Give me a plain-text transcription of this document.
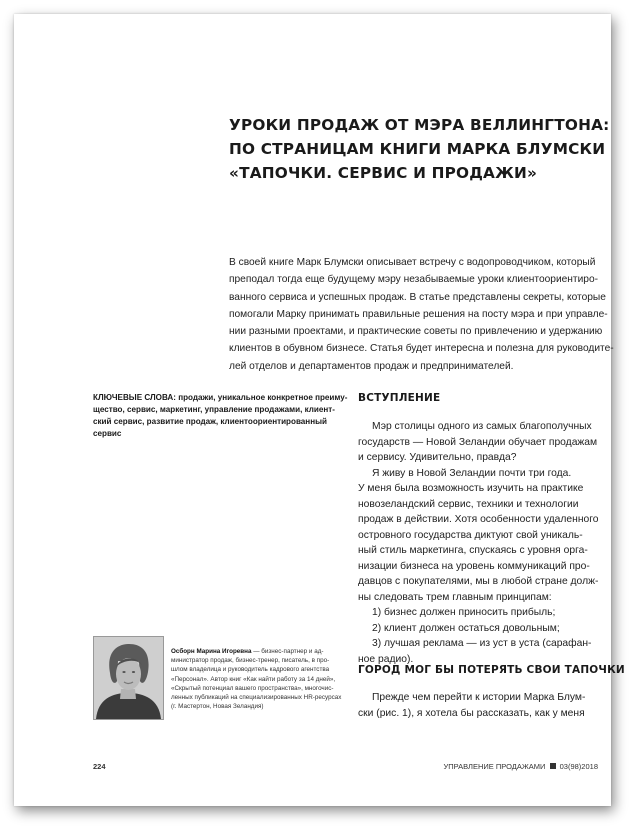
УРОКИ ПРОДАЖ ОТ МЭРА ВЕЛЛИНГТОНА:
ПО СТРАНИЦАМ КНИГИ МАРКА БЛУМСКИ
«ТАПОЧКИ. СЕРВИС И ПРОДАЖИ»
В своей книге Марк Блумски описывает встречу с водопроводчиком, который
преподал тогда еще будущему мэру незабываемые уроки клиентоориентиро-
ванного сервиса и успешных продаж. В статье представлены секреты, которые
помогали Марку принимать правильные решения на посту мэра и при управле-
нии разными проектами, и практические советы по привлечению и удержанию
клиентов в обувном бизнесе. Статья будет интересна и полезна для руководите-
лей отделов и департаментов продаж и предпринимателей.
КЛЮЧЕВЫЕ СЛОВА: продажи, уникальное конкретное преиму-
щество, сервис, маркетинг, управление продажами, клиент-
ский сервис, развитие продаж, клиентоориентированный
сервис
ВСТУПЛЕНИЕ
Мэр столицы одного из самых благополучных
государств — Новой Зеландии обучает продажам
и сервису. Удивительно, правда?
Я живу в Новой Зеландии почти три года.
У меня была возможность изучить на практике
новозеландский сервис, техники и технологии
продаж в действии. Хотя особенности удаленного
островного государства диктуют свой уникаль-
ный стиль маркетинга, спускаясь с уровня орга-
низации бизнеса на уровень коммуникаций про-
давцов с покупателями, мы в любой стране долж-
ны следовать трем главным принципам:
1) бизнес должен приносить прибыль;
2) клиент должен остаться довольным;
3) лучшая реклама — из уст в уста (сарафан-
ное радио).
ГОРОД МОГ БЫ ПОТЕРЯТЬ СВОИ ТАПОЧКИ
Прежде чем перейти к истории Марка Блум-
ски (рис. 1), я хотела бы рассказать, как у меня
Осборн Марина Игоревна — бизнес-партнер и ад-
министратор продаж, бизнес-тренер, писатель, в про-
шлом владелица и руководитель кадрового агентства
«Персонал». Автор книг «Как найти работу за 14 дней»,
«Скрытый потенциал вашего пространства», многочис-
ленных публикаций на специализированных HR-ресурсах
(г. Мастертон, Новая Зеландия)
224	УПРАВЛЕНИЕ ПРОДАЖАМИ 03(98)2018
